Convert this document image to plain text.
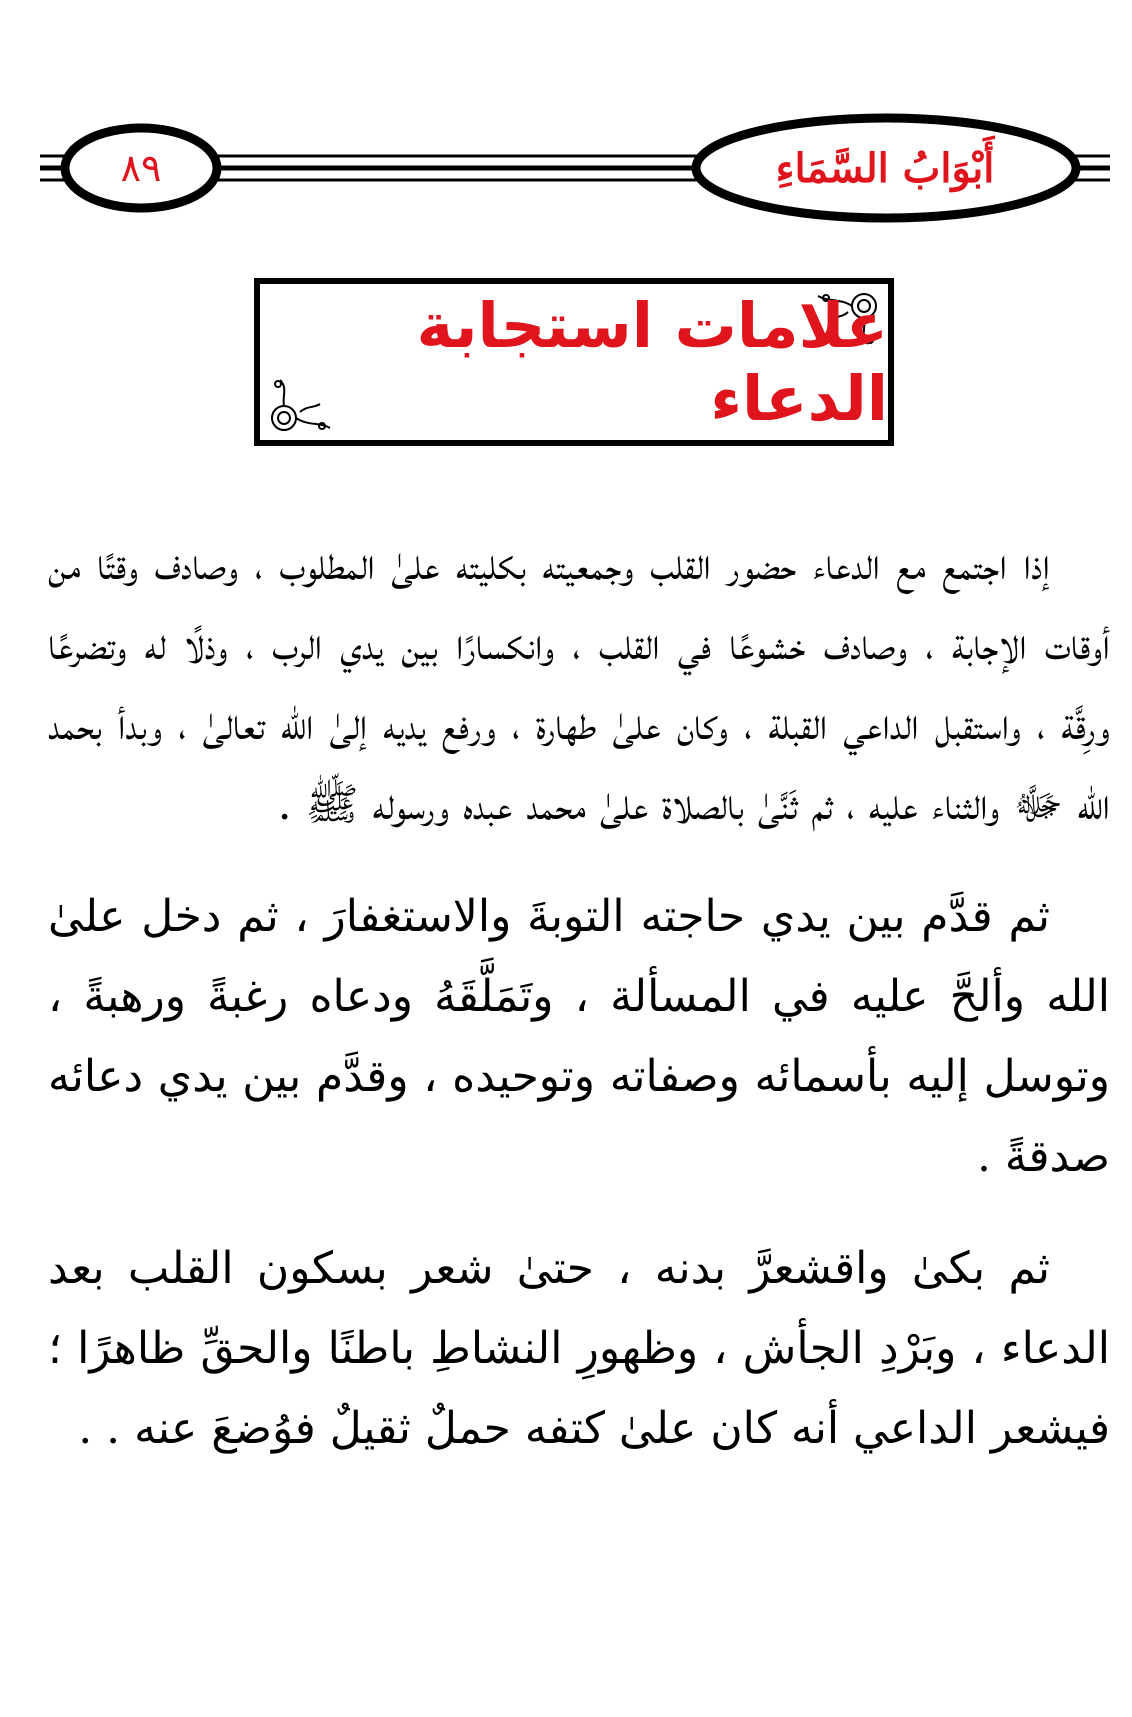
أَبْوَابُ السَّمَاءِ
٨٩
علامات استجابة الدعاء

إذا اجتمع مع الدعاء حضور القلب وجمعيته بكليته علىٰ المطلوب ، وصادف وقتًا من أوقات الإجابة ، وصادف خشوعًا في القلب ، وانكسارًا بين يدي الرب ، وذلًا له وتضرعًا ورِقَّة ، واستقبل الداعي القبلة ، وكان علىٰ طهارة ، ورفع يديه إلىٰ الله تعالىٰ ، وبدأ بحمد الله ﷻ والثناء عليه ، ثم ثَنَّىٰ بالصلاة علىٰ محمد عبده ورسوله ﷺ .

ثم قدَّم بين يدي حاجته التوبةَ والاستغفارَ ، ثم دخل علىٰ الله وألحَّ عليه في المسألة ، وتَمَلَّقَهُ ودعاه رغبةً ورهبةً ، وتوسل إليه بأسمائه وصفاته وتوحيده ، وقدَّم بين يدي دعائه صدقةً .

ثم بكىٰ واقشعرَّ بدنه ، حتىٰ شعر بسكون القلب بعد الدعاء ، وبَرْدِ الجأش ، وظهورِ النشاطِ باطنًا والحقِّ ظاهرًا ؛ فيشعر الداعي أنه كان علىٰ كتفه حملٌ ثقيلٌ فوُضعَ عنه . .
